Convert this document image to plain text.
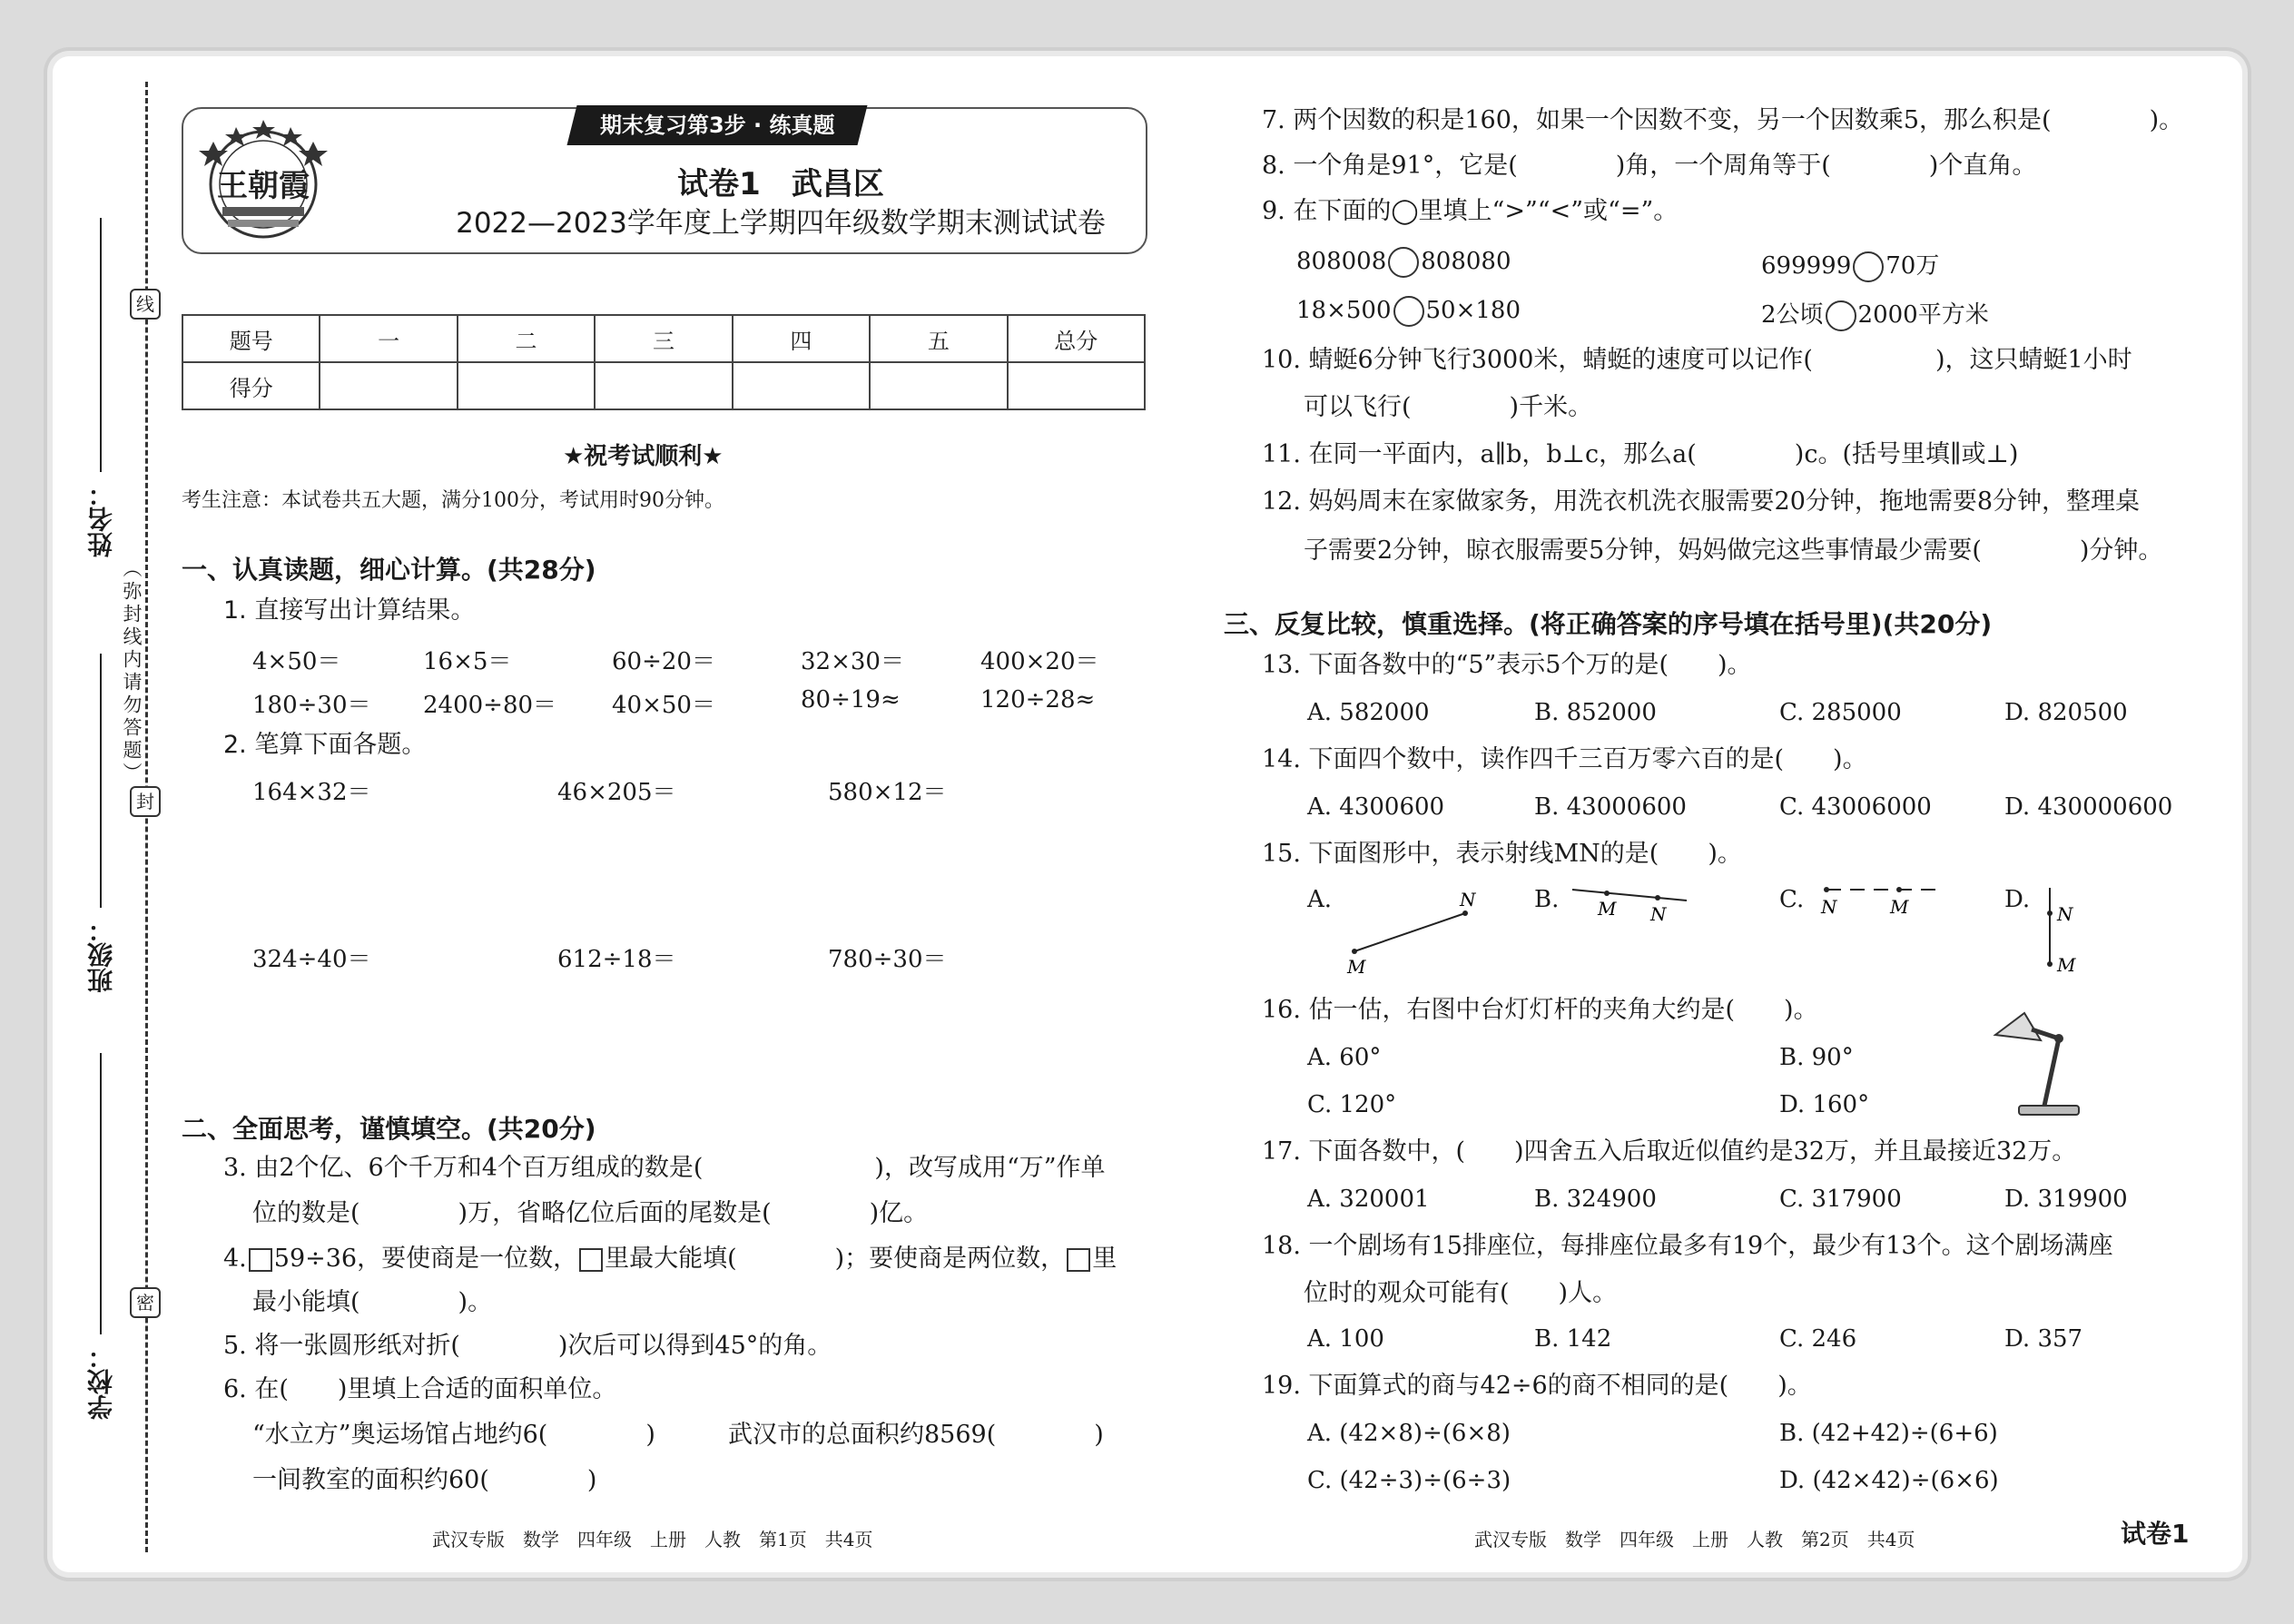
姓名：
班级：
学校：
线
封
密
（弥封线内请勿答题）
王朝霞
期末复习第3步 · 练真题
试卷1　武昌区
2022—2023学年度上学期四年级数学期末测试试卷
题号	一	二	三	四	五	总分
得分						
★祝考试顺利★
考生注意：本试卷共五大题，满分100分，考试用时90分钟。
一、认真读题，细心计算。(共28分)
1. 直接写出计算结果。
4×50＝	16×5＝	60÷20＝	32×30＝	400×20＝
180÷30＝ 2400÷80＝ 40×50＝	80÷19≈	120÷28≈
2. 笔算下面各题。
164×32＝	46×205＝	580×12＝
324÷40＝	612÷18＝	780÷30＝
二、全面思考，谨慎填空。(共20分)
3. 由2个亿、6个千万和4个百万组成的数是(　　　　　　　)，改写成用“万”作单
位的数是(　　　　)万，省略亿位后面的尾数是(　　　　)亿。
4. 59÷36，要使商是一位数， 里最大能填(　　　　)；要使商是两位数， 里
最小能填(　　　　)。
5. 将一张圆形纸对折(　　　　)次后可以得到45°的角。
6. 在(　　)里填上合适的面积单位。
“水立方”奥运场馆占地约6(　　　　)	武汉市的总面积约8569(　　　　)
一间教室的面积约60(　　　　)
7. 两个因数的积是160，如果一个因数不变，另一个因数乘5，那么积是(　　　　)。
8. 一个角是91°，它是(　　　　)角，一个周角等于(　　　　)个直角。
9. 在下面的◯里填上“>”“<”或“=”。
808008 808080	699999 70万
18×500 50×180	2公顷 2000平方米
10. 蜻蜓6分钟飞行3000米，蜻蜓的速度可以记作(　　　　　)，这只蜻蜓1小时
可以飞行(　　　　)千米。
11. 在同一平面内，a∥b，b⊥c，那么a(　　　　)c。(括号里填∥或⊥)
12. 妈妈周末在家做家务，用洗衣机洗衣服需要20分钟，拖地需要8分钟，整理桌
子需要2分钟，晾衣服需要5分钟，妈妈做完这些事情最少需要(　　　　)分钟。
三、反复比较，慎重选择。(将正确答案的序号填在括号里)(共20分)
13. 下面各数中的“5”表示5个万的是(　　)。
A. 582000	B. 852000	C. 285000	D. 820500
14. 下面四个数中，读作四千三百万零六百的是(　　)。
A. 4300600	B. 43000600	C. 43006000	D. 430000600
15. 下面图形中，表示射线MN的是(　　)。
A.	B.	C.	D.
M
N	M N	N	M	N
M
16. 估一估，右图中台灯灯杆的夹角大约是(　　)。
A. 60°	B. 90°
C. 120°	D. 160°
17. 下面各数中，(　　)四舍五入后取近似值约是32万，并且最接近32万。
A. 320001	B. 324900	C. 317900	D. 319900
18. 一个剧场有15排座位，每排座位最多有19个，最少有13个。这个剧场满座
位时的观众可能有(　　)人。
A. 100	B. 142	C. 246	D. 357
19. 下面算式的商与42÷6的商不相同的是(　　)。
A. (42×8)÷(6×8)	B. (42+42)÷(6+6)
C. (42÷3)÷(6÷3)	D. (42×42)÷(6×6)
武汉专版　数学　四年级　上册　人教　第1页　共4页	武汉专版　数学　四年级　上册　人教　第2页　共4页	试卷1
